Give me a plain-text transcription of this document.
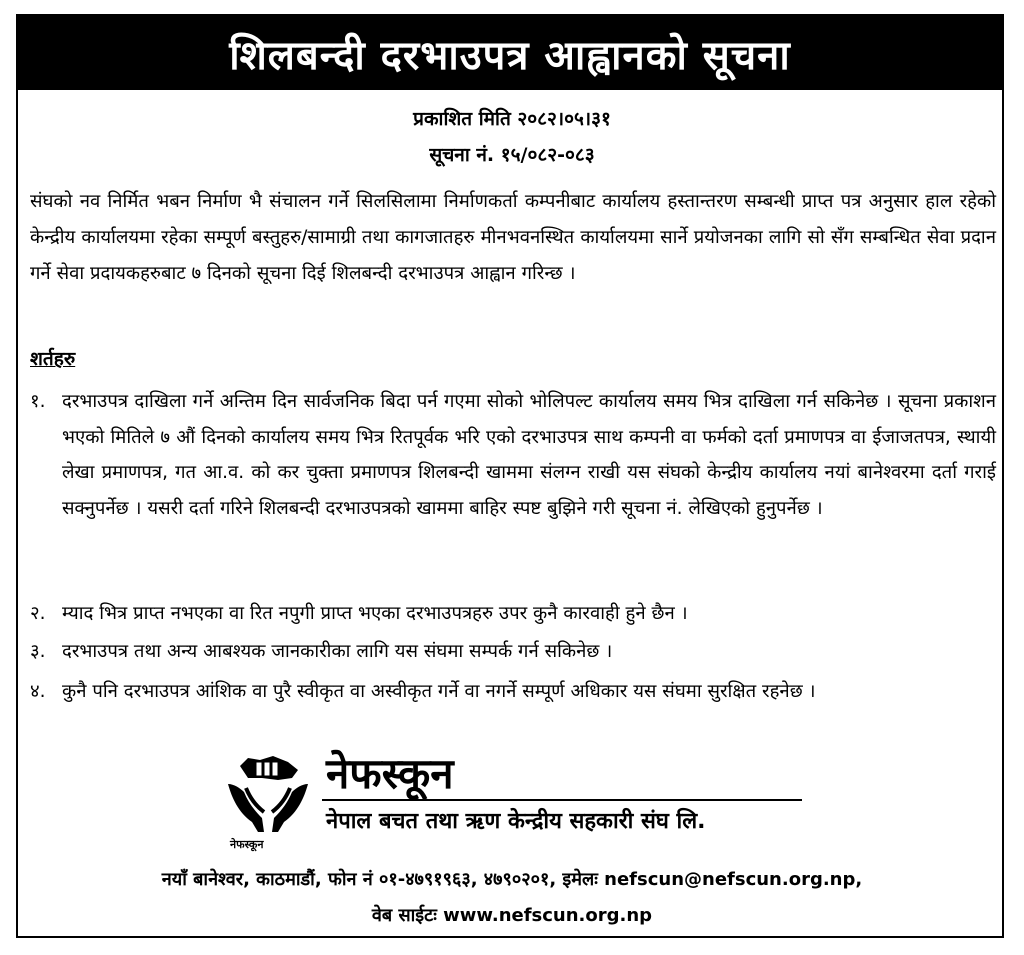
शिलबन्दी दरभाउपत्र आह्वानको सूचना
प्रकाशित मिति २०८२।०५।३१
सूचना नं. १५/०८२-०८३
संघको नव निर्मित भबन निर्माण भै संचालन गर्ने सिलसिलामा निर्माणकर्ता कम्पनीबाट कार्यालय हस्तान्तरण सम्बन्धी प्राप्त पत्र अनुसार हाल रहेको केन्द्रीय कार्यालयमा रहेका सम्पूर्ण बस्तुहरु/सामाग्री तथा कागजातहरु मीनभवनस्थित कार्यालयमा सार्ने प्रयोजनका लागि सो सँग सम्बन्धित सेवा प्रदान गर्ने सेवा प्रदायकहरुबाट ७ दिनको सूचना दिई शिलबन्दी दरभाउपत्र आह्वान गरिन्छ ।
शर्तहरु
१. दरभाउपत्र दाखिला गर्ने अन्तिम दिन सार्वजनिक बिदा पर्न गएमा सोको भोलिपल्ट कार्यालय समय भित्र दाखिला गर्न सकिनेछ । सूचना प्रकाशन भएको मितिले ७ औं दिनको कार्यालय समय भित्र रितपूर्वक भरि एको दरभाउपत्र साथ कम्पनी वा फर्मको दर्ता प्रमाणपत्र वा ईजाजतपत्र, स्थायी लेखा प्रमाणपत्र, गत आ.व. को कर चुक्ता प्रमाणपत्र शिलबन्दी खाममा संलग्न राखी यस संघको केन्द्रीय कार्यालय नयां बानेश्वरमा दर्ता गराई सक्नुपर्नेछ । यसरी दर्ता गरिने शिलबन्दी दरभाउपत्रको खाममा बाहिर स्पष्ट बुझिने गरी सूचना नं. लेखिएको हुनुपर्नेछ ।
२. म्याद भित्र प्राप्त नभएका वा रित नपुगी प्राप्त भएका दरभाउपत्रहरु उपर कुनै कारवाही हुने छैन ।
३. दरभाउपत्र तथा अन्य आबश्यक जानकारीका लागि यस संघमा सम्पर्क गर्न सकिनेछ ।
४. कुनै पनि दरभाउपत्र आंशिक वा पुरै स्वीकृत वा अस्वीकृत गर्ने वा नगर्ने सम्पूर्ण अधिकार यस संघमा सुरक्षित रहनेछ ।
नेफस्कून
नेफस्कून
नेपाल बचत तथा ऋण केन्द्रीय सहकारी संघ लि.
नयाँ बानेश्वर, काठमाडौं, फोन नं ०१-४७९१९६३, ४७९०२०१, इमेलः nefscun@nefscun.org.np,
वेब साईटः www.nefscun.org.np
